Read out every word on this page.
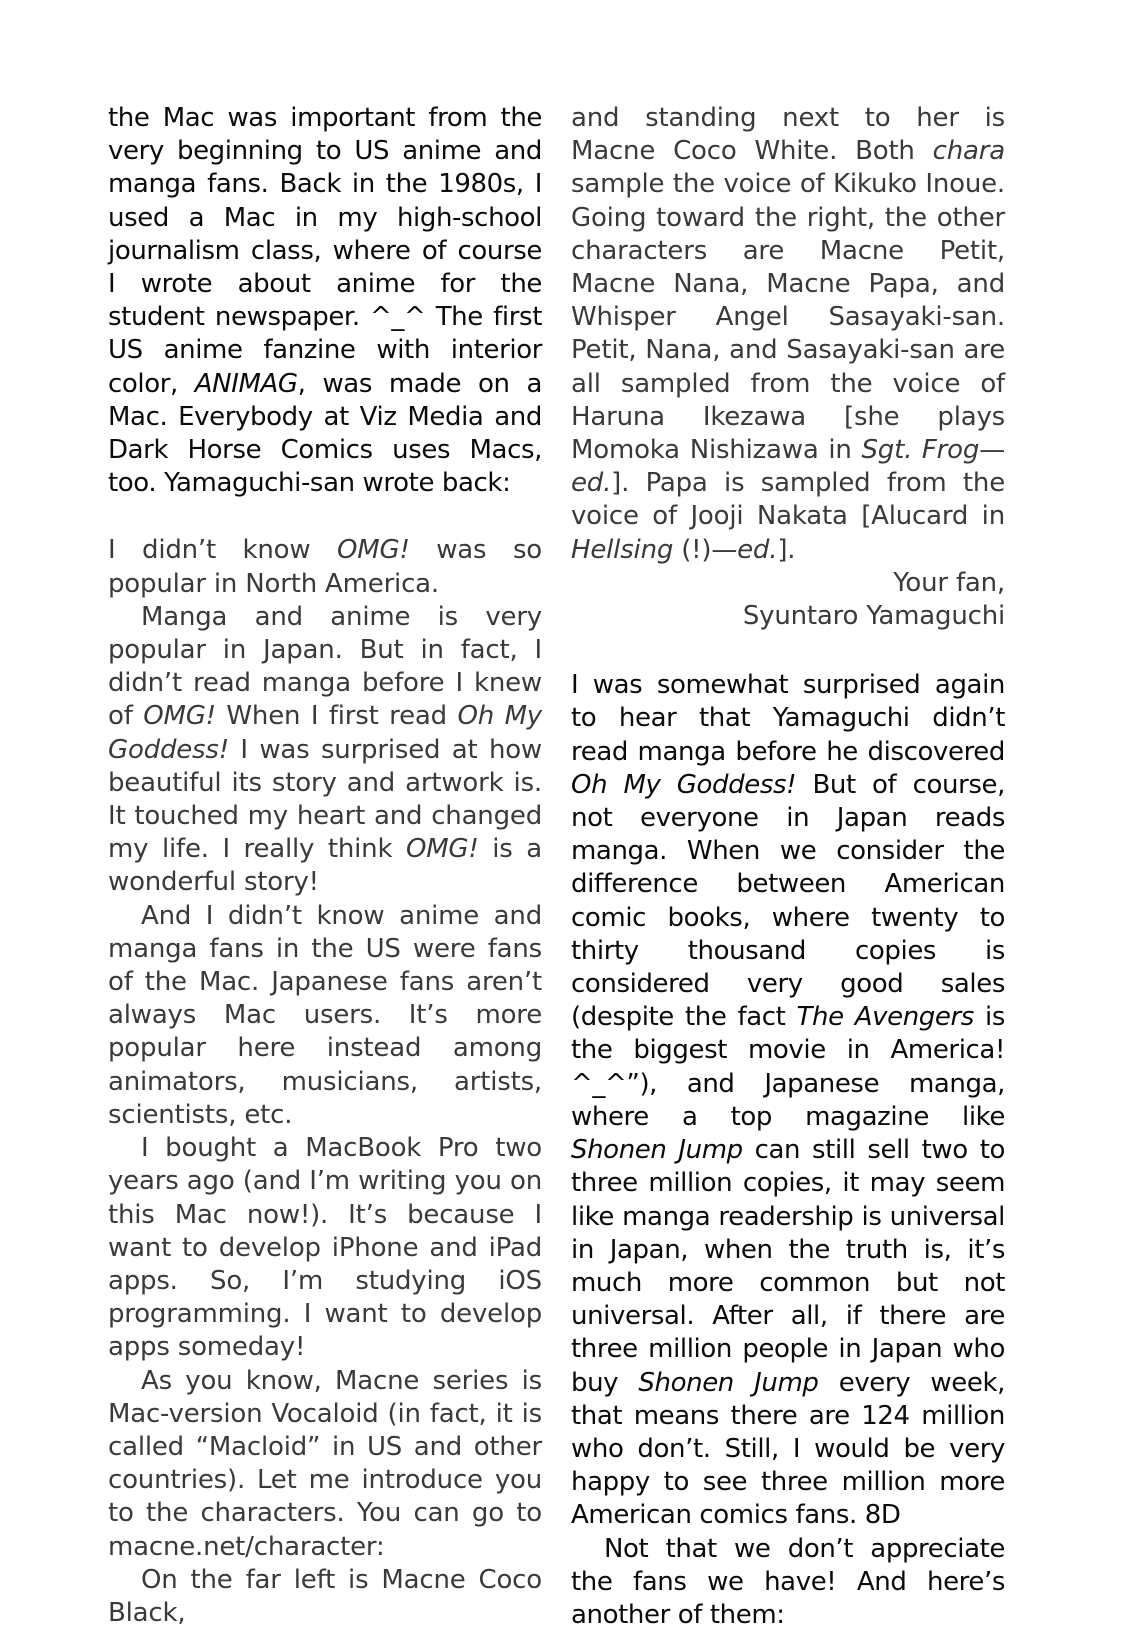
the Mac was important from the very beginning to US anime and manga fans. Back in the 1980s, I used a Mac in my high-school journalism class, where of course I wrote about anime for the student newspaper. ^_^ The first US anime fanzine with interior color, ANIMAG, was made on a Mac. Everybody at Viz Media and Dark Horse Comics uses Macs, too. Yamaguchi-san wrote back:

I didn’t know OMG! was so popular in North America.

Manga and anime is very popular in Japan. But in fact, I didn’t read manga before I knew of OMG! When I first read Oh My Goddess! I was surprised at how beautiful its story and artwork is. It touched my heart and changed my life. I really think OMG! is a wonderful story!

And I didn’t know anime and manga fans in the US were fans of the Mac. Japanese fans aren’t always Mac users. It’s more popular here instead among animators, musicians, artists, scientists, etc.

I bought a MacBook Pro two years ago (and I’m writing you on this Mac now!). It’s because I want to develop iPhone and iPad apps. So, I’m studying iOS programming. I want to develop apps someday!

As you know, Macne series is Mac-version Vocaloid (in fact, it is called “Macloid” in US and other countries). Let me introduce you to the characters. You can go to macne.net/character:

On the far left is Macne Coco Black,

and standing next to her is Macne Coco White. Both chara sample the voice of Kikuko Inoue. Going toward the right, the other characters are Macne Petit, Macne Nana, Macne Papa, and Whisper Angel Sasayaki-san. Petit, Nana, and Sasayaki-san are all sampled from the voice of Haruna Ikezawa [she plays Momoka Nishizawa in Sgt. Frog—ed.]. Papa is sampled from the voice of Jooji Nakata [Alucard in Hellsing (!)—ed.].

Your fan,

Syuntaro Yamaguchi

I was somewhat surprised again to hear that Yamaguchi didn’t read manga before he discovered Oh My Goddess! But of course, not everyone in Japan reads manga. When we consider the difference between American comic books, where twenty to thirty thousand copies is considered very good sales (despite the fact The Avengers is the biggest movie in America! ^_^”), and Japanese manga, where a top magazine like Shonen Jump can still sell two to three million copies, it may seem like manga readership is universal in Japan, when the truth is, it’s much more common but not universal. After all, if there are three million people in Japan who buy Shonen Jump every week, that means there are 124 million who don’t. Still, I would be very happy to see three million more American comics fans. 8D

Not that we don’t appreciate the fans we have! And here’s another of them:
